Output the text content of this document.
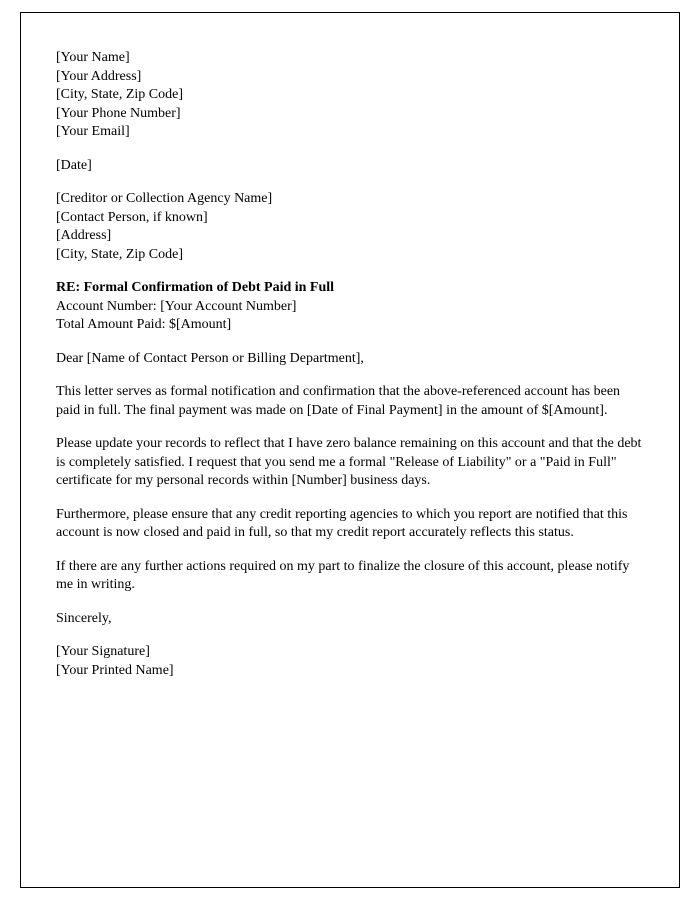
[Your Name]
[Your Address]
[City, State, Zip Code]
[Your Phone Number]
[Your Email]
[Date]
[Creditor or Collection Agency Name]
[Contact Person, if known]
[Address]
[City, State, Zip Code]
RE: Formal Confirmation of Debt Paid in Full
Account Number: [Your Account Number]
Total Amount Paid: $[Amount]
Dear [Name of Contact Person or Billing Department],
This letter serves as formal notification and confirmation that the above-referenced account has been paid in full. The final payment was made on [Date of Final Payment] in the amount of $[Amount].
Please update your records to reflect that I have zero balance remaining on this account and that the debt is completely satisfied. I request that you send me a formal "Release of Liability" or a "Paid in Full" certificate for my personal records within [Number] business days.
Furthermore, please ensure that any credit reporting agencies to which you report are notified that this account is now closed and paid in full, so that my credit report accurately reflects this status.
If there are any further actions required on my part to finalize the closure of this account, please notify me in writing.
Sincerely,
[Your Signature]
[Your Printed Name]
